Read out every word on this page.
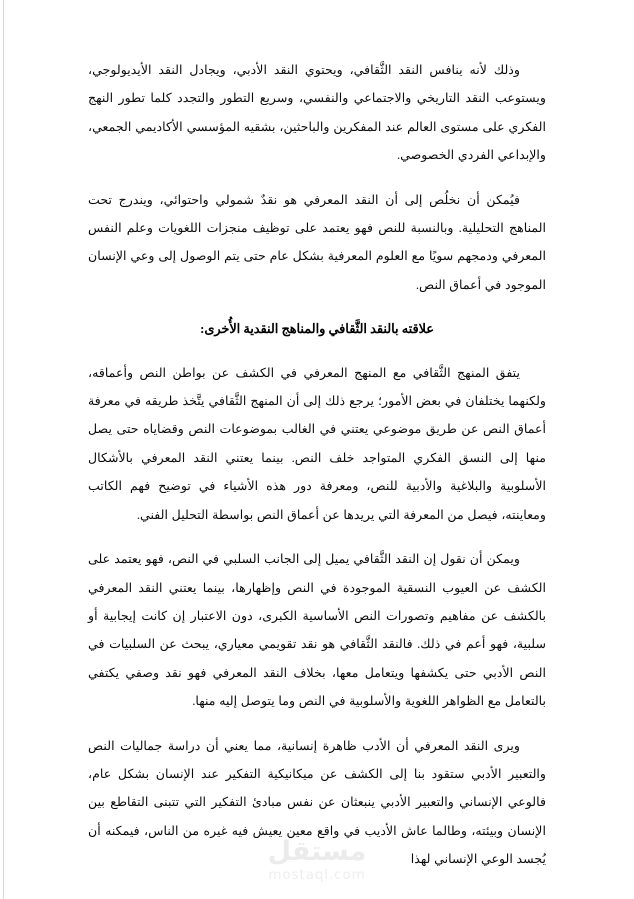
وذلك لأنه ينافس النقد الثَّقافي، ويحتوي النقد الأدبي، ويجادل النقد الأيديولوجي، ويستوعب النقد التاريخي والاجتماعي والنفسي، وسريع التطور والتجدد كلما تطور النهج الفكري على مستوى العالم عند المفكرين والباحثين، بشقيه المؤسسي الأكاديمي الجمعي، والإبداعي الفردي الخصوصي.

فيُمكن أن نخلُص إلى أن النقد المعرفي هو نقدٌ شمولي واحتوائي، ويندرج تحت المناهج التحليلية. وبالنسبة للنص فهو يعتمد على توظيف منجزات اللغويات وعلم النفس المعرفي ودمجهم سويًا مع العلوم المعرفية بشكل عام حتى يتم الوصول إلى وعي الإنسان الموجود في أعماق النص.

علاقته بالنقد الثَّقافي والمناهج النقدية الأُخرى:

يتفق المنهج الثَّقافي مع المنهج المعرفي في الكشف عن بواطن النص وأعماقه، ولكنهما يختلفان في بعض الأمور؛ يرجع ذلك إلى أن المنهج الثَّقافي يتَّخذ طريقه في معرفة أعماق النص عن طريق موضوعي يعتني في الغالب بموضوعات النص وقضاياه حتى يصل منها إلى النسق الفكري المتواجد خلف النص. بينما يعتني النقد المعرفي بالأشكال الأسلوبية والبلاغية والأدبية للنص، ومعرفة دور هذه الأشياء في توضيح فهم الكاتب ومعاينته، فيصل من المعرفة التي يريدها عن أعماق النص بواسطة التحليل الفني.

ويمكن أن نقول إن النقد الثَّقافي يميل إلى الجانب السلبي في النص، فهو يعتمد على الكشف عن العيوب النسقية الموجودة في النص وإظهارها، بينما يعتني النقد المعرفي بالكشف عن مفاهيم وتصورات النص الأساسية الكبرى، دون الاعتبار إن كانت إيجابية أو سلبية، فهو أعم في ذلك. فالنقد الثَّقافي هو نقد تقويمي معياري، يبحث عن السلبيات في النص الأدبي حتى يكشفها ويتعامل معها، بخلاف النقد المعرفي فهو نقد وصفي يكتفي بالتعامل مع الظواهر اللغوية والأسلوبية في النص وما يتوصل إليه منها.

ويرى النقد المعرفي أن الأدب ظاهرة إنسانية، مما يعني أن دراسة جماليات النص والتعبير الأدبي ستقود بنا إلى الكشف عن ميكانيكية التفكير عند الإنسان بشكل عام، فالوعي الإنساني والتعبير الأدبي ينبعثان عن نفس مبادئ التفكير التي تتبنى التقاطع بين الإنسان وبيئته، وطالما عاش الأديب في واقع معين يعيش فيه غيره من الناس، فيمكنه أن يُجسد الوعي الإنساني لهذا

مستقل
mostaql.com
